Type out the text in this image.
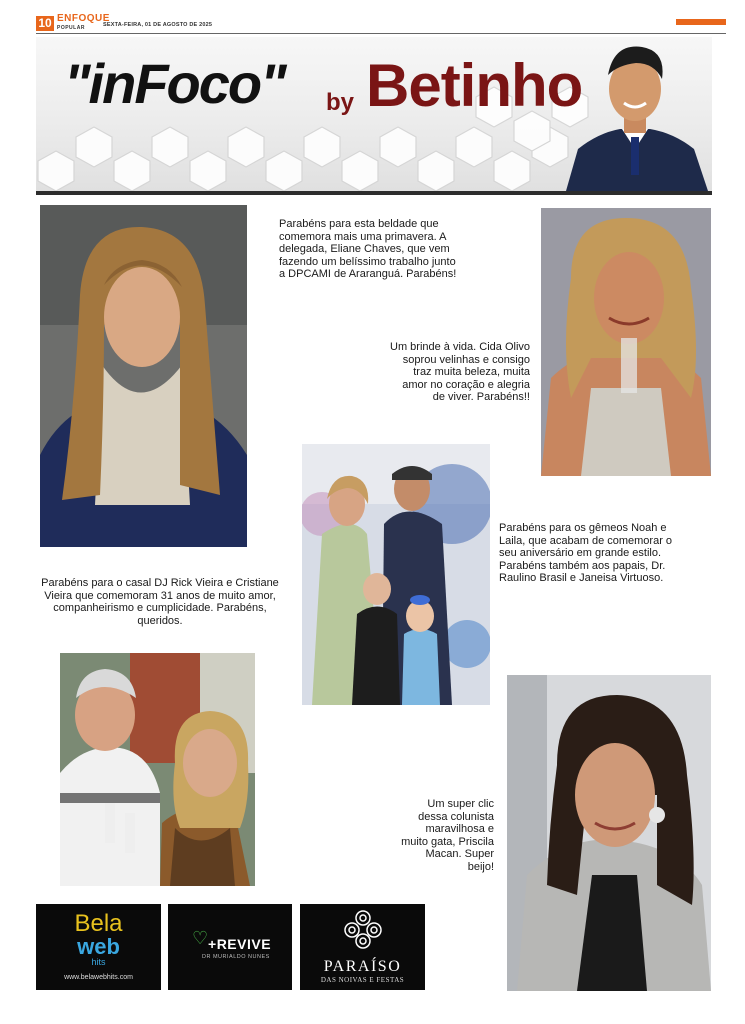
10 ENFOQUE
POPULAR	SEXTA-FEIRA, 01 DE AGOSTO DE 2025
"inFoco" by Betinho
Parabéns para esta beldade que comemora mais uma primavera. A delegada, Eliane Chaves, que vem fazendo um belíssimo trabalho junto a DPCAMI de Araranguá. Parabéns!
Um brinde à vida. Cida Olivo soprou velinhas e consigo traz muita beleza, muita amor no coração e alegria de viver. Parabéns!!
Parabéns para os gêmeos Noah e Laila, que acabam de comemorar o seu aniversário em grande estilo. Parabéns também aos papais, Dr. Raulino Brasil e Janeisa Virtuoso.
Parabéns para o casal DJ Rick Vieira e Cristiane Vieira que comemoram 31 anos de muito amor, companheirismo e cumplicidade. Parabéns, queridos.
Um super clic dessa colunista maravilhosa e muito gata, Priscila Macan. Super beijo!
Bela
web
hits
www.belawebhits.com
♡ +REVIVE
DR MURIALDO NUNES
PARAÍSO
DAS NOIVAS E FESTAS
